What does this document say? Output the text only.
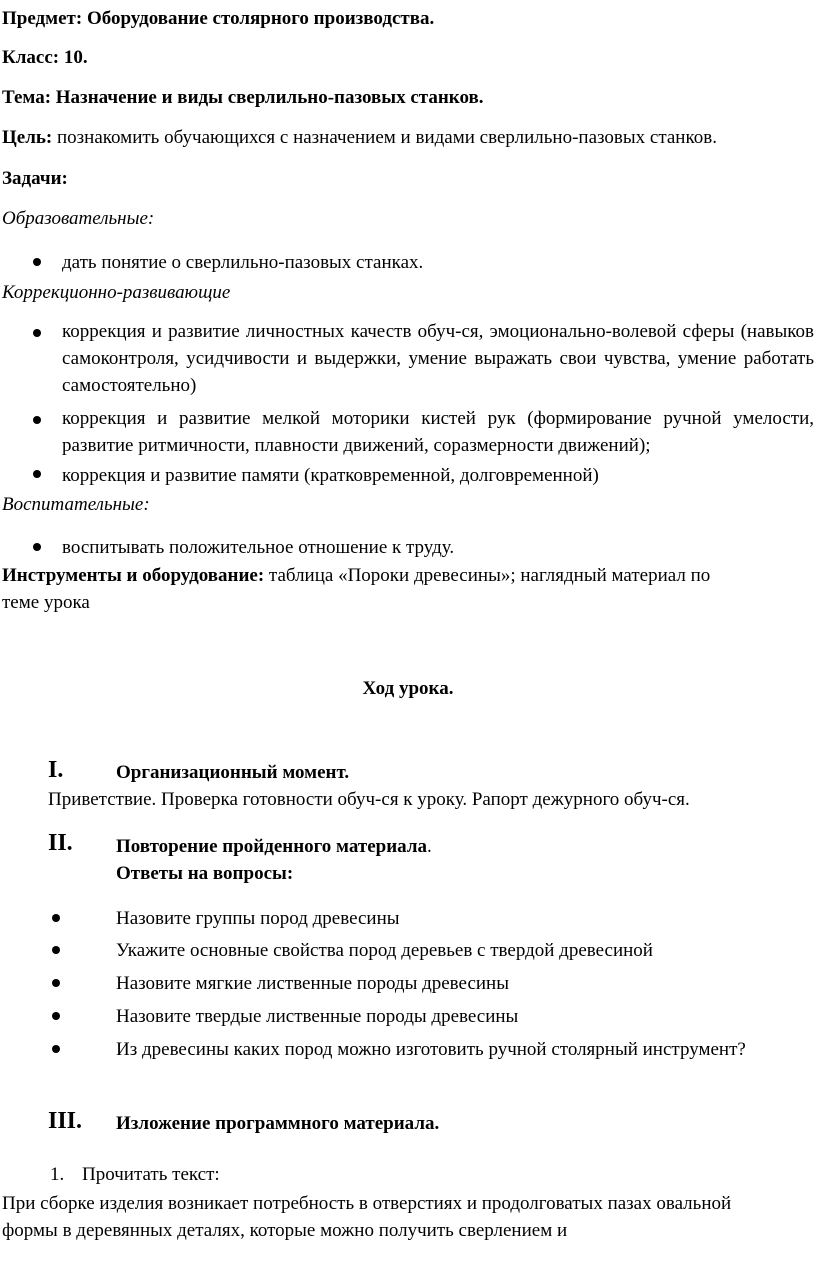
Предмет: Оборудование столярного производства.
Класс: 10.
Тема: Назначение и виды сверлильно-пазовых станков.
Цель: познакомить обучающихся с назначением и видами сверлильно-пазовых станков.
Задачи:
Образовательные:
дать понятие о сверлильно-пазовых станках.
Коррекционно-развивающие
коррекция и развитие личностных качеств обуч-ся, эмоционально-волевой сферы (навыков самоконтроля, усидчивости и выдержки, умение выражать свои чувства, умение работать самостоятельно)
коррекция и развитие мелкой моторики кистей рук (формирование ручной умелости, развитие ритмичности, плавности движений, соразмерности движений);
коррекция и развитие памяти (кратковременной, долговременной)
Воспитательные:
воспитывать положительное отношение к труду.
Инструменты и оборудование: таблица «Пороки древесины»; наглядный материал по
теме урока
Ход урока.
I.	Организационный момент.
Приветствие. Проверка готовности обуч-ся к уроку. Рапорт дежурного обуч-ся.
II. Повторение пройденного материала.
Ответы на вопросы:
Назовите группы пород древесины
Укажите основные свойства пород деревьев с твердой древесиной
Назовите мягкие лиственные породы древесины
Назовите твердые лиственные породы древесины
Из древесины каких пород можно изготовить ручной столярный инструмент?
III. Изложение программного материала.
1. Прочитать текст:
При сборке изделия возникает потребность в отверстиях и продолговатых пазах овальной
формы в деревянных деталях, которые можно получить сверлением и
